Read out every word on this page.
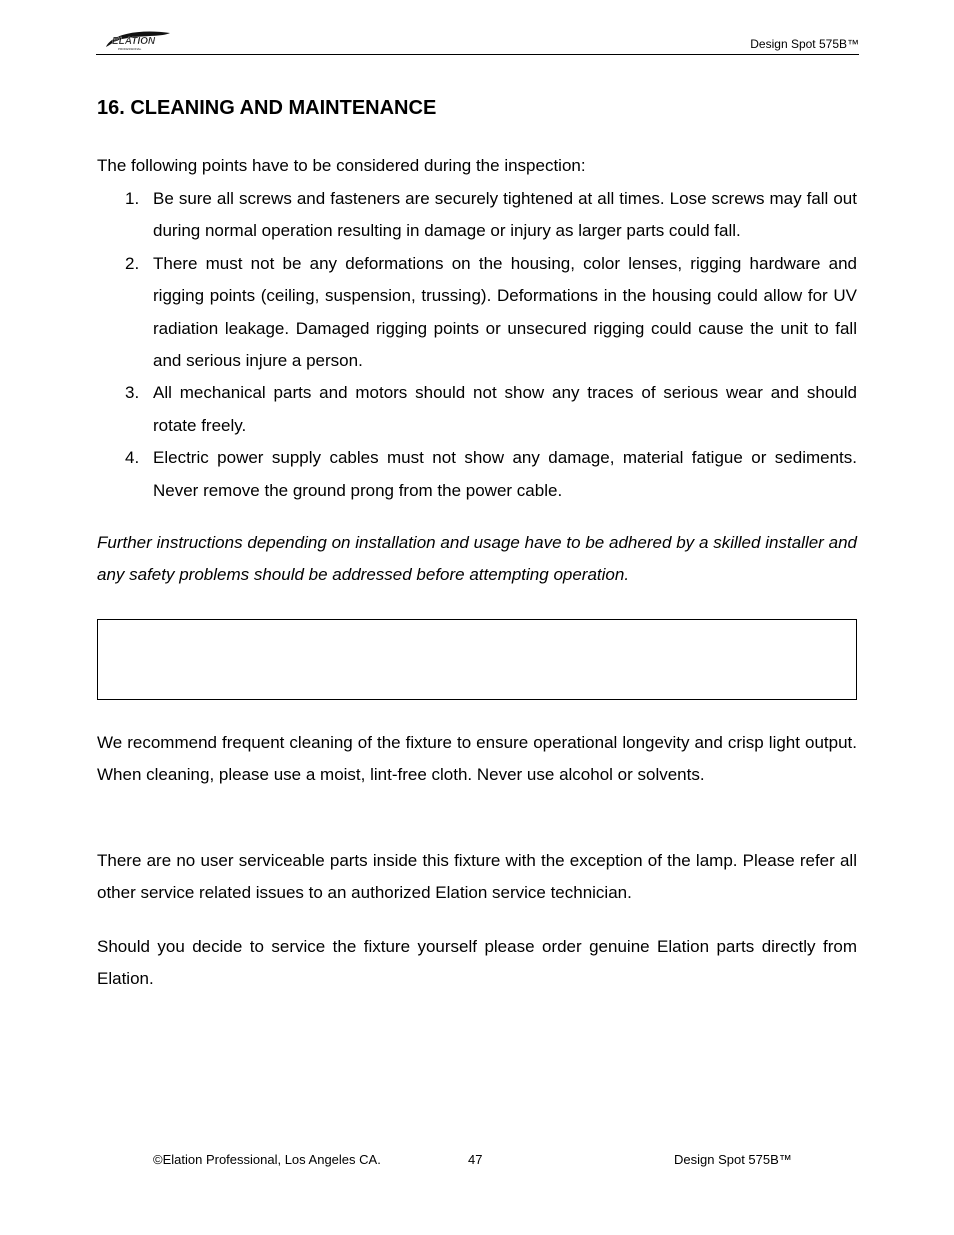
ELATION
PROFESSIONAL	Design Spot 575B™
16. CLEANING AND MAINTENANCE

The following points have to be considered during the inspection:

1. Be sure all screws and fasteners are securely tightened at all times. Lose screws may fall out during normal operation resulting in damage or injury as larger parts could fall.
2. There must not be any deformations on the housing, color lenses, rigging hardware and rigging points (ceiling, suspension, trussing). Deformations in the housing could allow for UV radiation leakage. Damaged rigging points or unsecured rigging could cause the unit to fall and serious injure a person.
3. All mechanical parts and motors should not show any traces of serious wear and should rotate freely.
4. Electric power supply cables must not show any damage, material fatigue or sediments. Never remove the ground prong from the power cable.

Further instructions depending on installation and usage have to be adhered by a skilled installer and any safety problems should be addressed before attempting operation.

We recommend frequent cleaning of the fixture to ensure operational longevity and crisp light output. When cleaning, please use a moist, lint-free cloth. Never use alcohol or solvents.

There are no user serviceable parts inside this fixture with the exception of the lamp. Please refer all other service related issues to an authorized Elation service technician.

Should you decide to service the fixture yourself please order genuine Elation parts directly from Elation.

©Elation Professional, Los Angeles CA.	47	Design Spot 575B™
